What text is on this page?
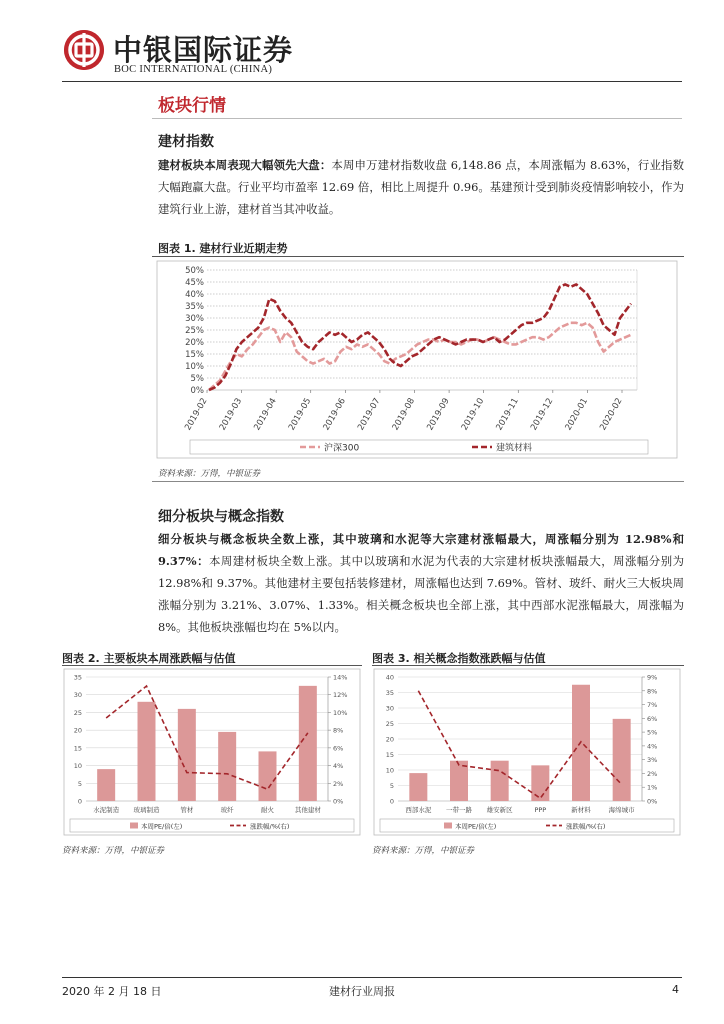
中银国际证券
BOC INTERNATIONAL (CHINA)
板块行情
建材指数
建材板块本周表现大幅领先大盘：本周申万建材指数收盘 6,148.86 点，本周涨幅为 8.63%，行业指数大幅跑赢大盘。行业平均市盈率 12.69 倍，相比上周提升 0.96。基建预计受到肺炎疫情影响较小，作为建筑行业上游，建材首当其冲收益。
图表 1. 建材行业近期走势
0%
5%
10%
15%
20%
25%
30%
35%
40%
45%
50%
2019-02 2019-03 2019-04 2019-05 2019-06 2019-07 2019-08 2019-09 2019-10 2019-11 2019-12 2020-01 2020-02
沪深300	建筑材料
资料来源：万得，中银证券
细分板块与概念指数
细分板块与概念板块全数上涨，其中玻璃和水泥等大宗建材涨幅最大，周涨幅分别为 12.98%和 9.37%：本周建材板块全数上涨。其中以玻璃和水泥为代表的大宗建材板块涨幅最大，周涨幅分别为 12.98%和 9.37%。其他建材主要包括装修建材，周涨幅也达到 7.69%。管材、玻纤、耐火三大板块周涨幅分别为 3.21%、3.07%、1.33%。相关概念板块也全部上涨，其中西部水泥涨幅最大，周涨幅为 8%。其他板块涨幅也均在 5%以内。
图表 2. 主要板块本周涨跌幅与估值
0
5
10
15
20
25
30
35
0%
2%
4%
6%
8%
10%
12%
14%
水泥制造 玻璃制造	管材	玻纤	耐火	其他建材
本周PE/倍(左)	涨跌幅/%(右)
资料来源：万得，中银证券
图表 3. 相关概念指数涨跌幅与估值
0
5
10
15
20
25
30
35
40
0%
1%
2%
3%
4%
5%
6%
7%
8%
9%
西部水泥 一带一路 雄安新区	PPP	新材料	海绵城市
本周PE/倍(左)	涨跌幅/%(右)
资料来源：万得，中银证券
2020 年 2 月 18 日	建材行业周报	4
